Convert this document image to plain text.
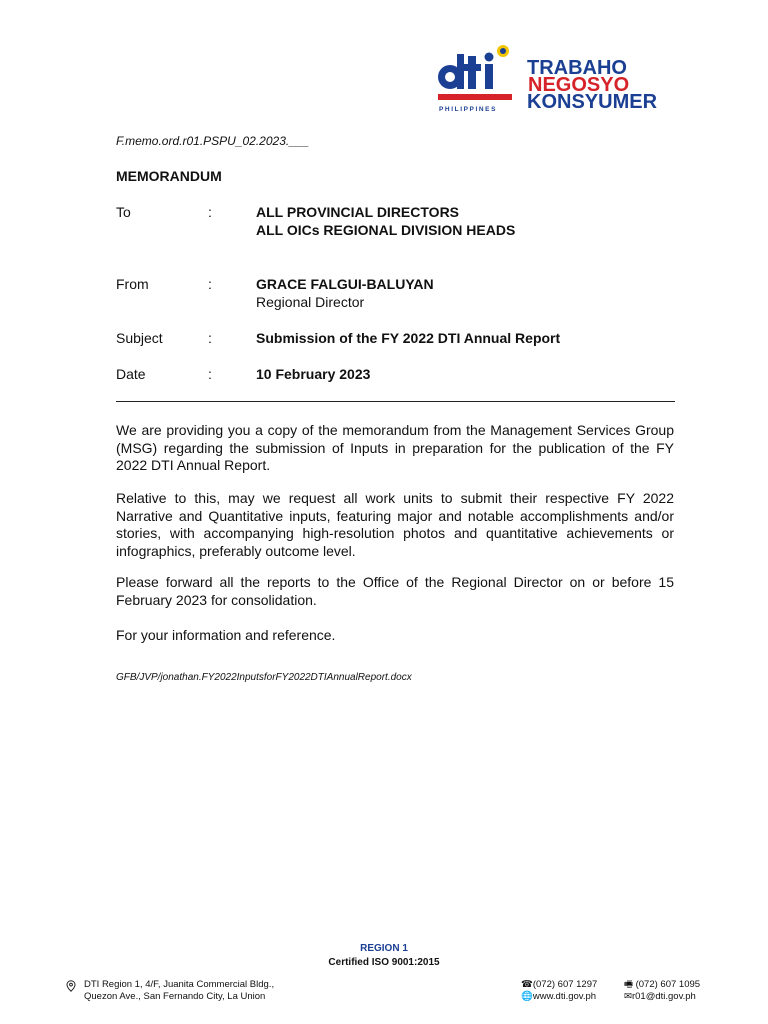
PHILIPPINES
TRABAHO
NEGOSYO
KONSYUMER
F.memo.ord.r01.PSPU_02.2023.___
MEMORANDUM
To	:	ALL PROVINCIAL DIRECTORS
ALL OICs REGIONAL DIVISION HEADS
From	:	GRACE FALGUI-BALUYAN
Regional Director
Subject	:	Submission of the FY 2022 DTI Annual Report
Date	:	10 February 2023
We are providing you a copy of the memorandum from the Management Services Group (MSG) regarding the submission of Inputs in preparation for the publication of the FY 2022 DTI Annual Report.
Relative to this, may we request all work units to submit their respective FY 2022 Narrative and Quantitative inputs, featuring major and notable accomplishments and/or stories, with accompanying high-resolution photos and quantitative achievements or infographics, preferably outcome level.
Please forward all the reports to the Office of the Regional Director on or before 15 February 2023 for consolidation.
For your information and reference.
GFB/JVP/jonathan.FY2022InputsforFY2022DTIAnnualReport.docx
REGION 1
Certified ISO 9001:2015
DTI Region 1, 4/F, Juanita Commercial Bldg.,
Quezon Ave., San Fernando City, La Union
☎(072) 607 1297
🌐www.dti.gov.ph
🖷 (072) 607 1095
✉r01@dti.gov.ph
